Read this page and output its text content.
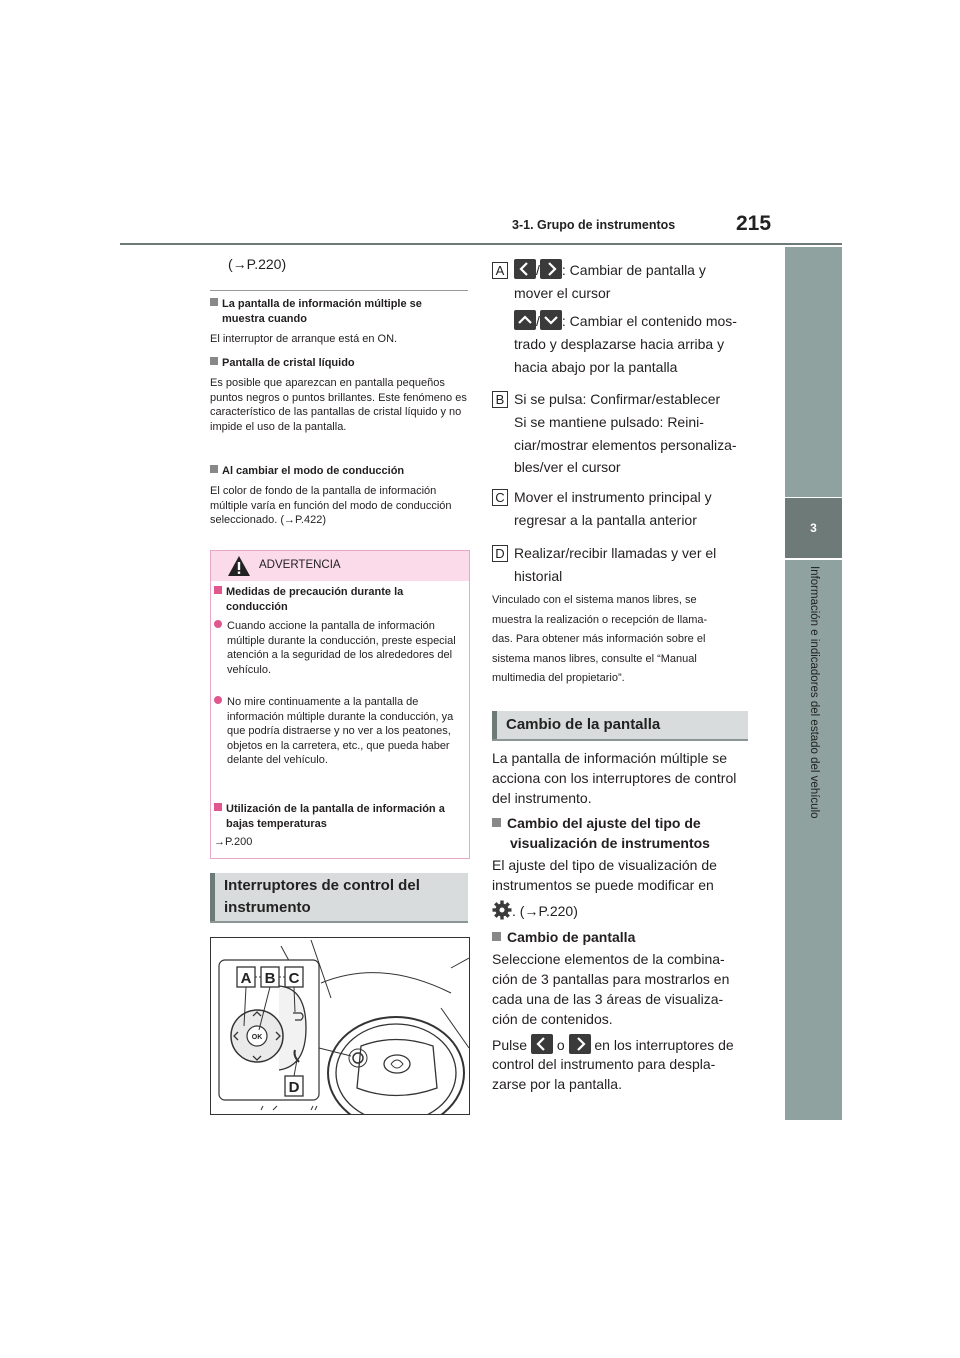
3-1. Grupo de instrumentos	215
3
Información e indicadores del estado del vehículo
(→P.220)
La pantalla de información múltiple se muestra cuando
El interruptor de arranque está en ON.
Pantalla de cristal líquido
Es posible que aparezcan en pantalla pequeños puntos negros o puntos brillantes. Este fenómeno es característico de las pantallas de cristal líquido y no impide el uso de la pantalla.
Al cambiar el modo de conducción
El color de fondo de la pantalla de información múltiple varía en función del modo de conducción seleccionado. (→P.422)
ADVERTENCIA
Medidas de precaución durante la conducción
Cuando accione la pantalla de información múltiple durante la conducción, preste especial atención a la seguridad de los alrededores del vehículo.
No mire continuamente a la pantalla de información múltiple durante la conducción, ya que podría distraerse y no ver a los peatones, objetos en la carretera, etc., que pueda haber delante del vehículo.
Utilización de la pantalla de información a bajas temperaturas
→P.200
Interruptores de control del
instrumento
OK
A B C
D
A	/ : Cambiar de pantalla y
mover el cursor
/ : Cambiar el contenido mos-
trado y desplazarse hacia arriba y
hacia abajo por la pantalla
B Si se pulsa: Confirmar/establecer
Si se mantiene pulsado: Reini-
ciar/mostrar elementos personaliza-
bles/ver el cursor
C Mover el instrumento principal y
regresar a la pantalla anterior
D Realizar/recibir llamadas y ver el
historial
Vinculado con el sistema manos libres, se
muestra la realización o recepción de llama-
das. Para obtener más información sobre el
sistema manos libres, consulte el “Manual
multimedia del propietario”.
Cambio de la pantalla
La pantalla de información múltiple se
acciona con los interruptores de control
del instrumento.
Cambio del ajuste del tipo de
visualización de instrumentos
El ajuste del tipo de visualización de
instrumentos se puede modificar en
. (→P.220)
Cambio de pantalla
Seleccione elementos de la combina-
ción de 3 pantallas para mostrarlos en
cada una de las 3 áreas de visualiza-
ción de contenidos.
Pulse o en los interruptores de
control del instrumento para despla-
zarse por la pantalla.
